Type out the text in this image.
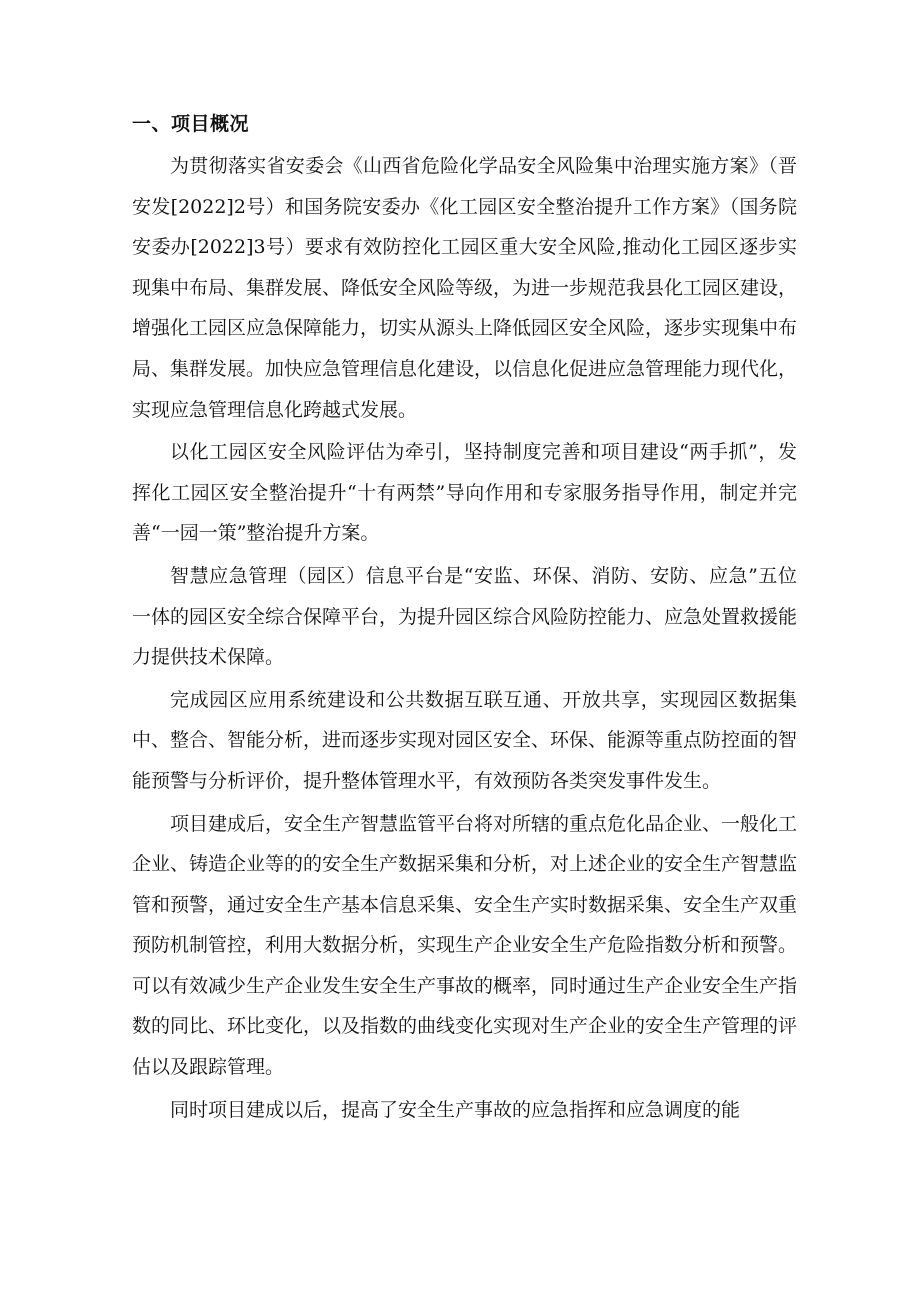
一、项目概况

为贯彻落实省安委会《山西省危险化学品安全风险集中治理实施方案》（晋安发[2022]2号）和国务院安委办《化工园区安全整治提升工作方案》（国务院安委办[2022]3号）要求有效防控化工园区重大安全风险,推动化工园区逐步实现集中布局、集群发展、降低安全风险等级，为进一步规范我县化工园区建设，增强化工园区应急保障能力，切实从源头上降低园区安全风险，逐步实现集中布局、集群发展。加快应急管理信息化建设，以信息化促进应急管理能力现代化，实现应急管理信息化跨越式发展。

以化工园区安全风险评估为牵引，坚持制度完善和项目建设“两手抓”，发挥化工园区安全整治提升“十有两禁”导向作用和专家服务指导作用，制定并完善“一园一策”整治提升方案。

智慧应急管理（园区）信息平台是“安监、环保、消防、安防、应急”五位一体的园区安全综合保障平台，为提升园区综合风险防控能力、应急处置救援能力提供技术保障。

完成园区应用系统建设和公共数据互联互通、开放共享，实现园区数据集中、整合、智能分析，进而逐步实现对园区安全、环保、能源等重点防控面的智能预警与分析评价，提升整体管理水平，有效预防各类突发事件发生。

项目建成后，安全生产智慧监管平台将对所辖的重点危化品企业、一般化工企业、铸造企业等的的安全生产数据采集和分析，对上述企业的安全生产智慧监管和预警，通过安全生产基本信息采集、安全生产实时数据采集、安全生产双重预防机制管控，利用大数据分析，实现生产企业安全生产危险指数分析和预警。可以有效减少生产企业发生安全生产事故的概率，同时通过生产企业安全生产指数的同比、环比变化，以及指数的曲线变化实现对生产企业的安全生产管理的评估以及跟踪管理。

同时项目建成以后，提高了安全生产事故的应急指挥和应急调度的能
